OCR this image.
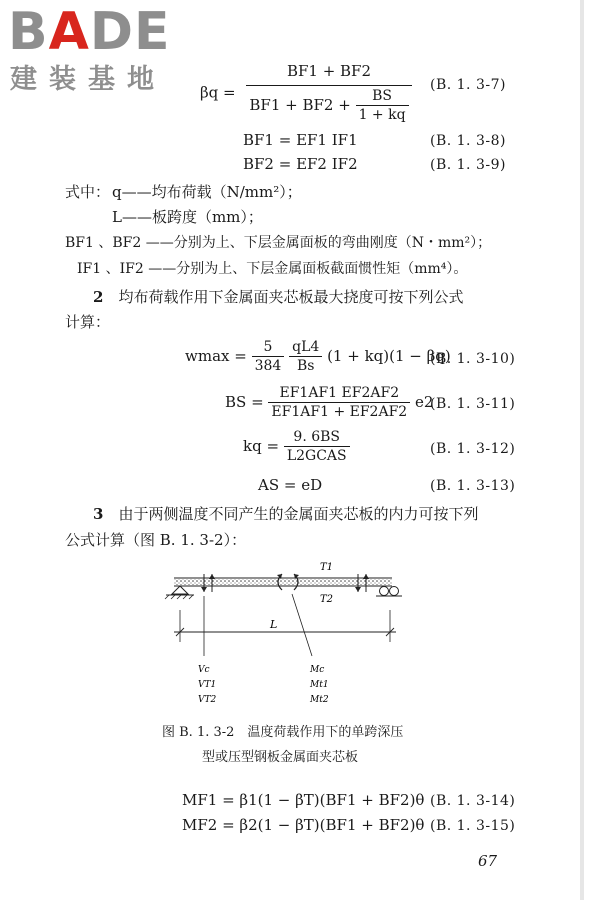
BADE
建装基地 $\beta q = \frac{BF1 + BF2}{BF1 + BF2 + \frac{BS}{1 + kq}} (B$. 1. 3-7)
BF1 = EF1 IF1	(B. 1. 3-8)
BF2 = EF2 IF2	(B. 1. 3-9)
式中： q——均布荷载（N/mm²）；
L——板跨度（mm）；
BF1 、BF2 ——分别为上、下层金属面板的弯曲刚度（N・mm²）；
IF1 、IF2 ——分别为上、下层金属面板截面惯性矩（mm⁴）。
2　 均布荷载作用下金属面夹芯板最大挠度可按下列公式
计算：
$wmax = \frac{5}{384}$
$\frac{qL4}{Bs} (1 + kq)(1 - \beta q)$
(B. 1. 3-10)
BS = $\frac{EF1AF1 EF2AF2}{EF1AF1 + EF2AF2} e2$
(B. 1. 3-11)
kq = $\frac{9. 6BS}{\text{L2GCAS}}$	(B. 1. 3-12)
AS = eD	(B. 1. 3-13)
3　 由于两侧温度不同产生的金属面夹芯板的内力可按下列
公式计算（图 B. 1. 3-2）：
T1
T2
L
Vc
VT1
VT2
Mc
Mt1
Mt2
图 B. 1. 3-2　温度荷载作用下的单跨深压
型或压型钢板金属面夹芯板
MF1 = β1(1 − βT)(BF1 + BF2)θ (B. 1. 3-14)
MF2 = β2(1 − βT)(BF1 + BF2)θ (B. 1. 3-15)
67
